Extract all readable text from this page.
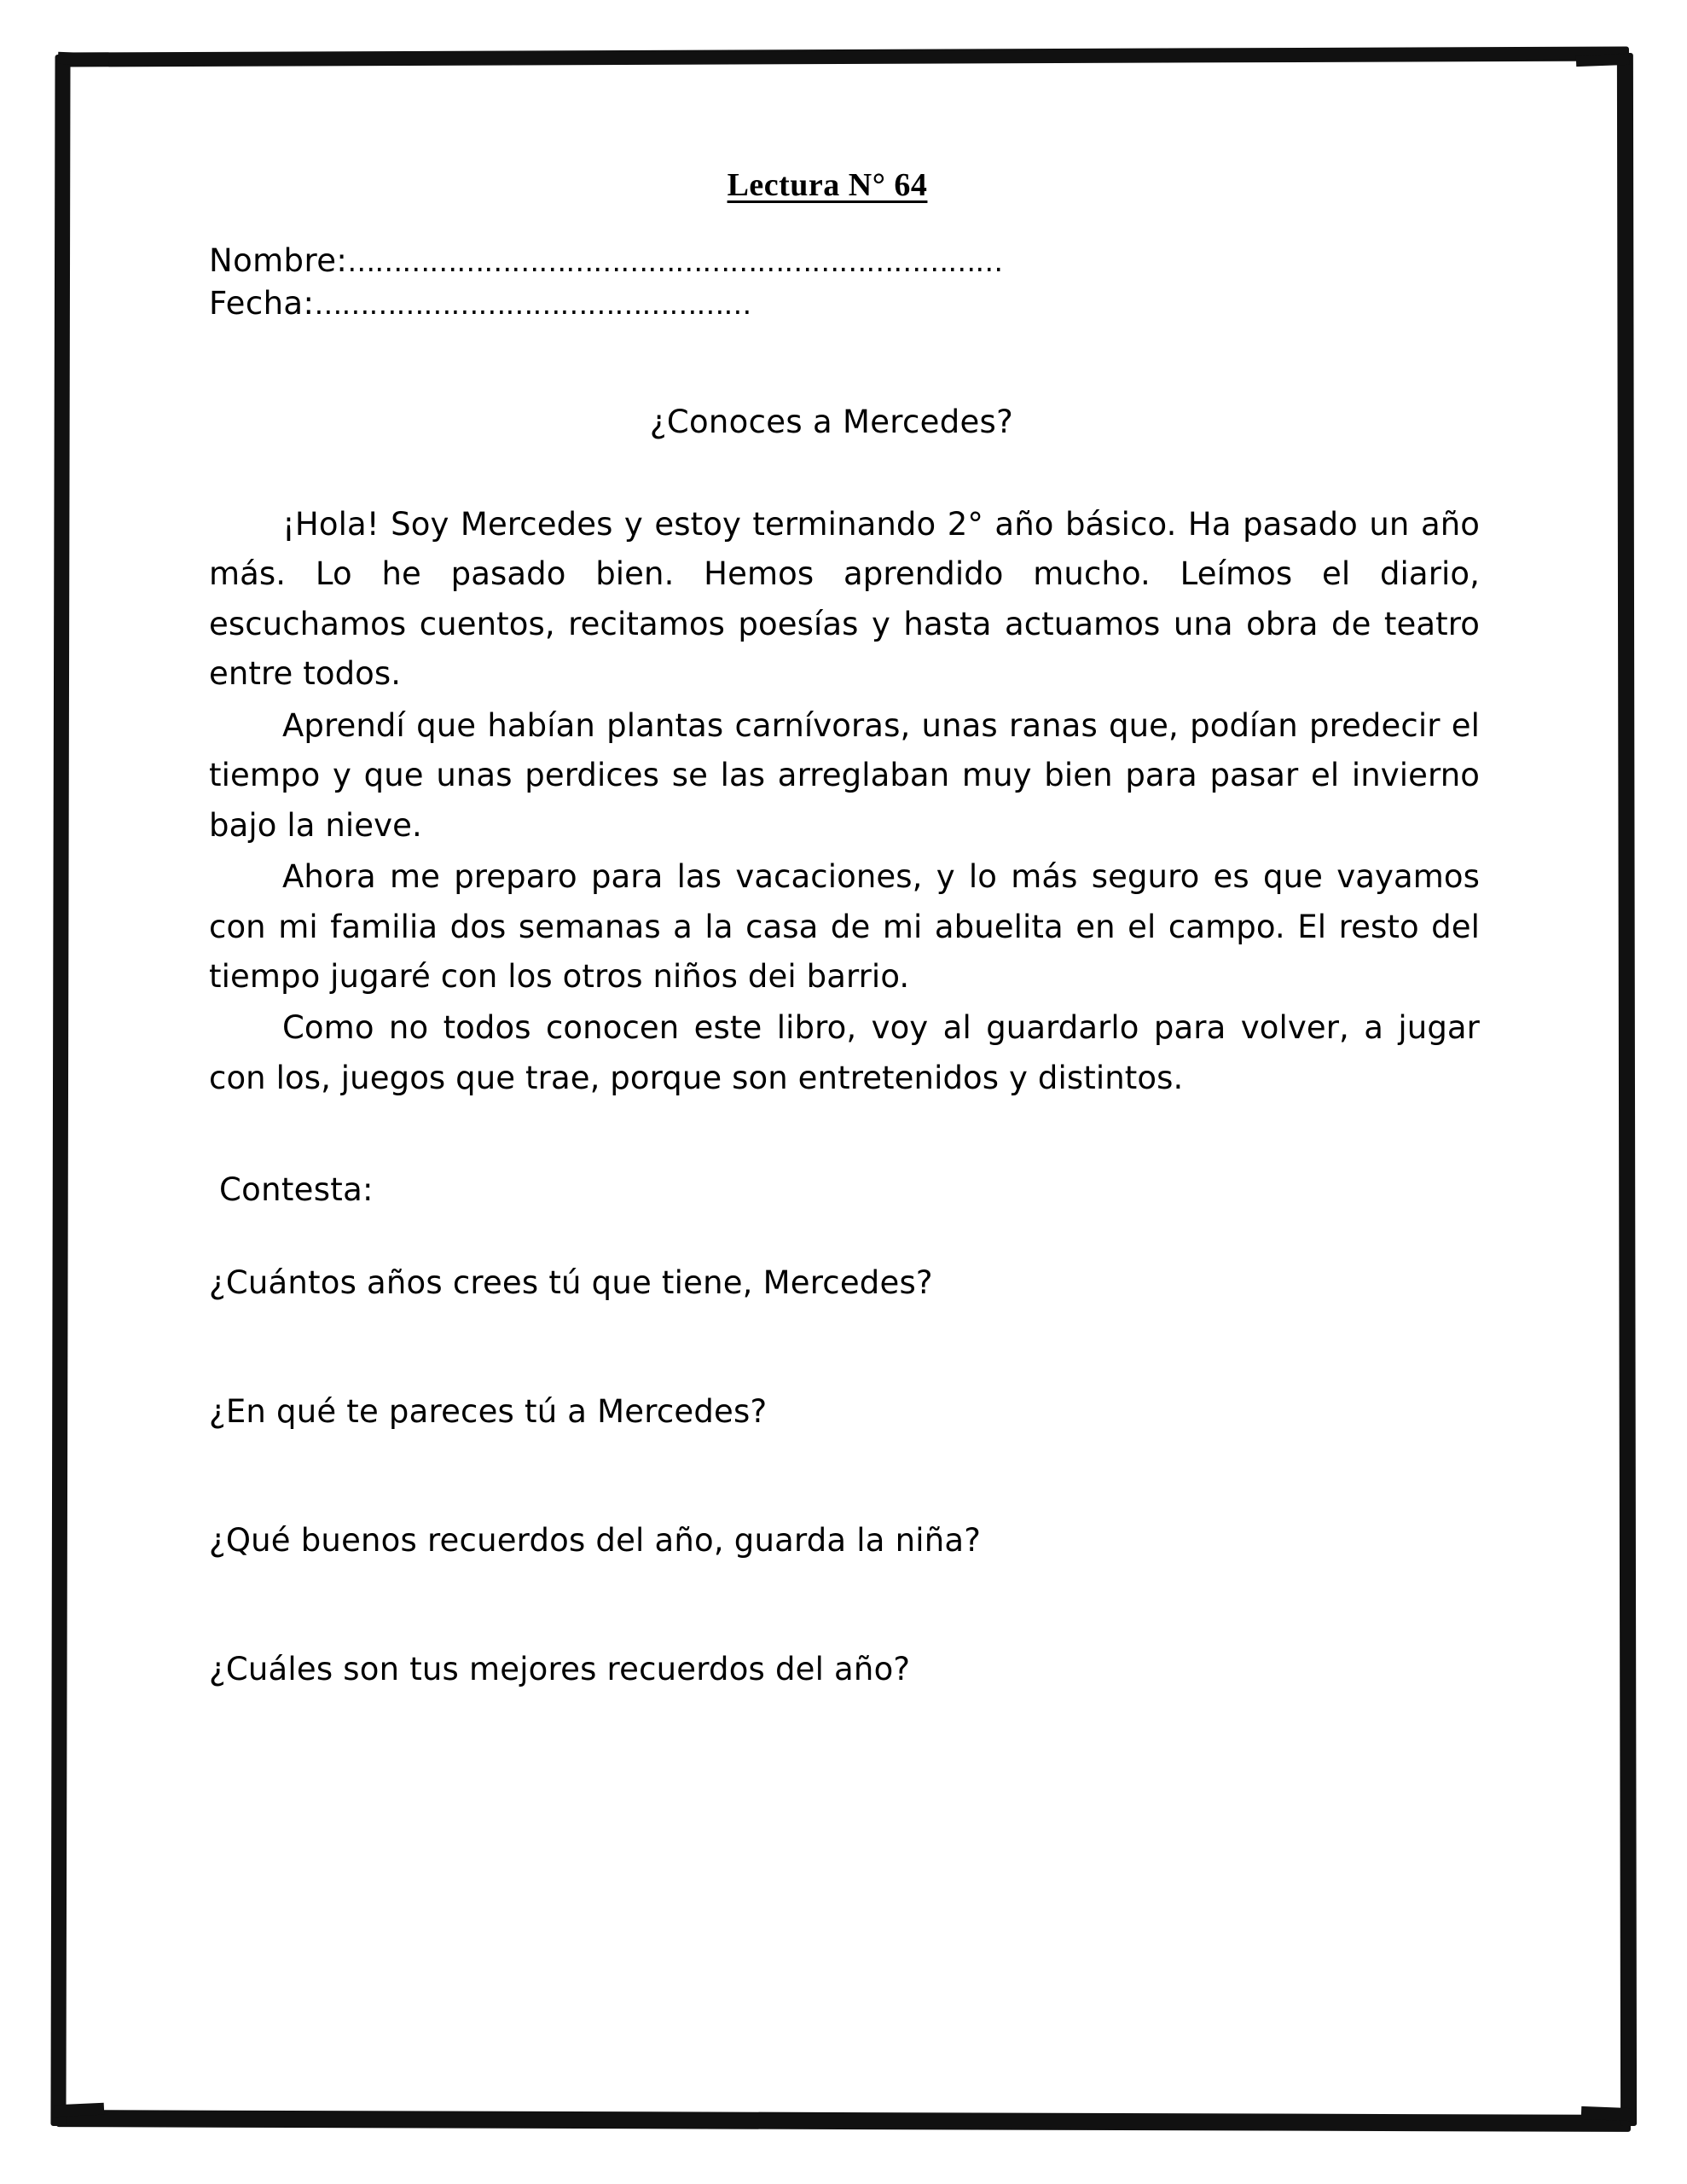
Lectura N° 64

Nombre:………………………………………………………………

Fecha:…………………………………………

¿Conoces a Mercedes?

¡Hola! Soy Mercedes y estoy terminando 2° año básico. Ha pasado un año más. Lo he pasado bien. Hemos aprendido mucho. Leímos el diario, escuchamos cuentos, recitamos poesías y hasta actuamos una obra de teatro entre todos.

Aprendí que habían plantas carnívoras, unas ranas que, podían predecir el tiempo y que unas perdices se las arreglaban muy bien para pasar el invierno bajo la nieve.

Ahora me preparo para las vacaciones, y lo más seguro es que vayamos con mi familia dos semanas a la casa de mi abuelita en el campo. El resto del tiempo jugaré con los otros niños dei barrio.

Como no todos conocen este libro, voy al guardarlo para volver, a jugar con los, juegos que trae, porque son entretenidos y distintos.

Contesta:

¿Cuántos años crees tú que tiene, Mercedes?

¿En qué te pareces tú a Mercedes?

¿Qué buenos recuerdos del año, guarda la niña?

¿Cuáles son tus mejores recuerdos del año?
